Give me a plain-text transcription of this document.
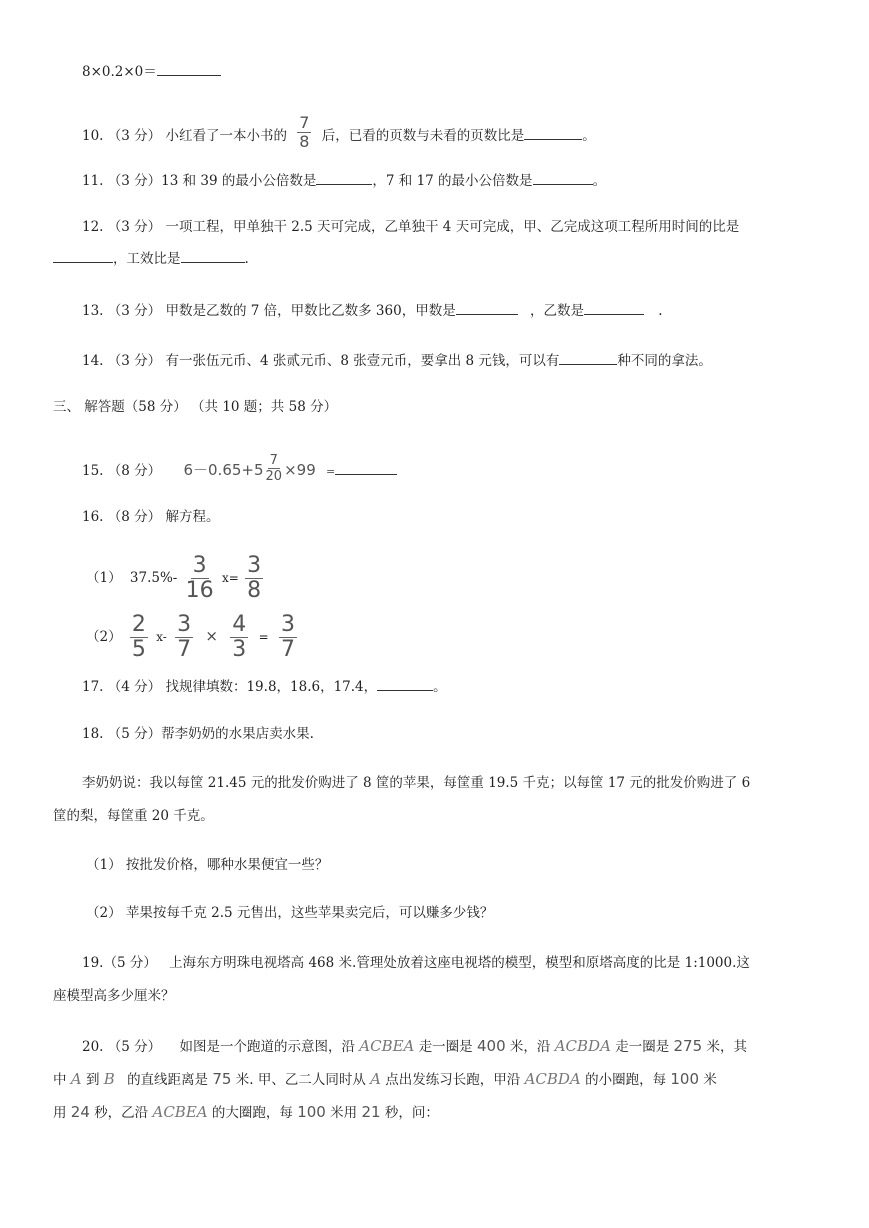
8×0.2×0＝
10. （3 分） 小红看了一本小书的 $\frac{7}{8}$ 后，已看的页数与未看的页数比是	。
11. （3 分）13 和 39 的最小公倍数是	，7 和 17 的最小公倍数是	。
12. （3 分） 一项工程，甲单独干 2.5 天可完成，乙单独干 4 天可完成，甲、乙完成这项工程所用时间的比是
，工效比是	.
13. （3 分） 甲数是乙数的 7 倍，甲数比乙数多 360，甲数是	，乙数是	.
14. （3 分） 有一张伍元币、4 张贰元币、8 张壹元币，要拿出 8 元钱，可以有	种不同的拿法。
三、 解答题（58 分） （共 10 题；共 58 分）
15. （8 分） $6-0.65+5 \frac{7}{20} \times 99$ =
16. （8 分） 解方程。
（1） $37.5\%- \frac{3}{16} x= \frac{3}{8}$
$(2) \frac{2}{5} x- \frac{3}{7} \times \frac{4}{3} = \frac{3}{7}$
17. （4 分） 找规律填数：19.8，18.6，17.4，	。
18. （5 分）帮李奶奶的水果店卖水果.
李奶奶说：我以每筐 21.45 元的批发价购进了 8 筐的苹果，每筐重 19.5 千克；以每筐 17 元的批发价购进了 6
筐的梨，每筐重 20 千克。
（1） 按批发价格，哪种水果便宜一些？
（2） 苹果按每千克 2.5 元售出，这些苹果卖完后，可以赚多少钱？
19.（5 分） 上海东方明珠电视塔高 468 米.管理处放着这座电视塔的模型，模型和原塔高度的比是 1:1000.这
座模型高多少厘米？
20. （5 分） 如图是一个跑道的示意图，沿 ACBEA 走一圈是 400 米，沿 ACBDA 走一圈是 275 米，其
中 A 到 B 的直线距离是 75 米. 甲、乙二人同时从 A 点出发练习长跑，甲沿 ACBDA 的小圈跑，每 100 米
用 24 秒，乙沿 ACBEA 的大圈跑，每 100 米用 21 秒，问：
